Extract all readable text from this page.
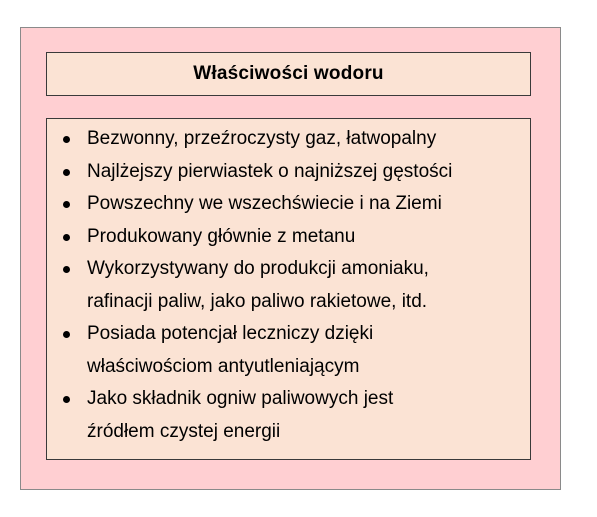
Właściwości wodoru
Bezwonny, przeźroczysty gaz, łatwopalny
Najlżejszy pierwiastek o najniższej gęstości
Powszechny we wszechświecie i na Ziemi
Produkowany głównie z metanu
Wykorzystywany do produkcji amoniaku,
rafinacji paliw, jako paliwo rakietowe, itd.
Posiada potencjał leczniczy dzięki
właściwościom antyutleniającym
Jako składnik ogniw paliwowych jest
źródłem czystej energii
